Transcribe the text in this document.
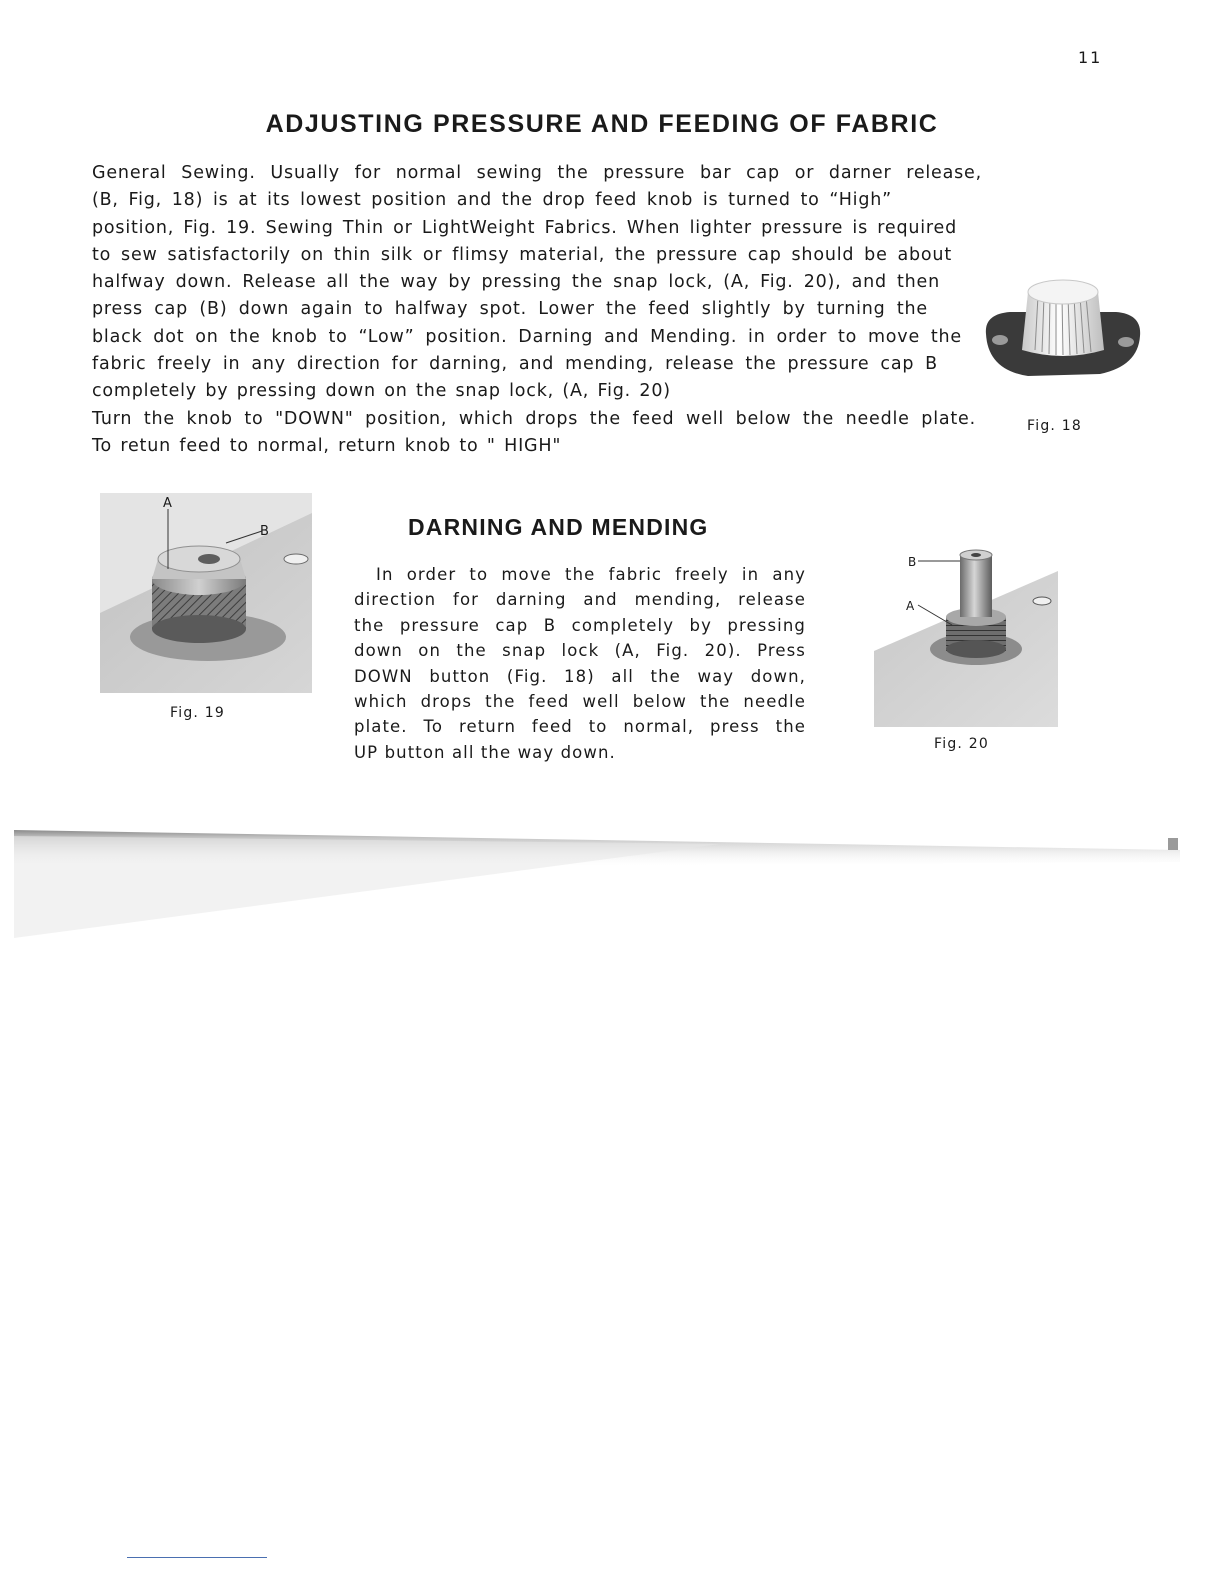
11
ADJUSTING PRESSURE AND FEEDING OF FABRIC
General Sewing. Usually for normal sewing the pressure bar cap or darner release,
(B, Fig, 18) is at its lowest position and the drop feed knob is turned to “High”
position, Fig. 19. Sewing Thin or LightWeight Fabrics. When lighter pressure is required
to sew satisfactorily on thin silk or flimsy material, the pressure cap should be about
halfway down. Release all the way by pressing the snap lock, (A, Fig. 20), and then
press cap (B) down again to halfway spot. Lower the feed slightly by turning the
black dot on the knob to “Low” position. Darning and Mending. in order to move the
fabric freely in any direction for darning, and mending, release the pressure cap B
completely by pressing down on the snap lock, (A, Fig. 20)
Turn the knob to "DOWN" position, which drops the feed well below the needle plate.
To retun feed to normal, return knob to " HIGH"
Fig. 18
A
B
Fig. 19
DARNING AND MENDING
In order to move the fabric freely in any
direction for darning and mending, release
the pressure cap B completely by pressing
down on the snap lock (A, Fig. 20). Press
DOWN button (Fig. 18) all the way down,
which drops the feed well below the needle
plate. To return feed to normal, press the
UP button all the way down.
B
A
Fig. 20
